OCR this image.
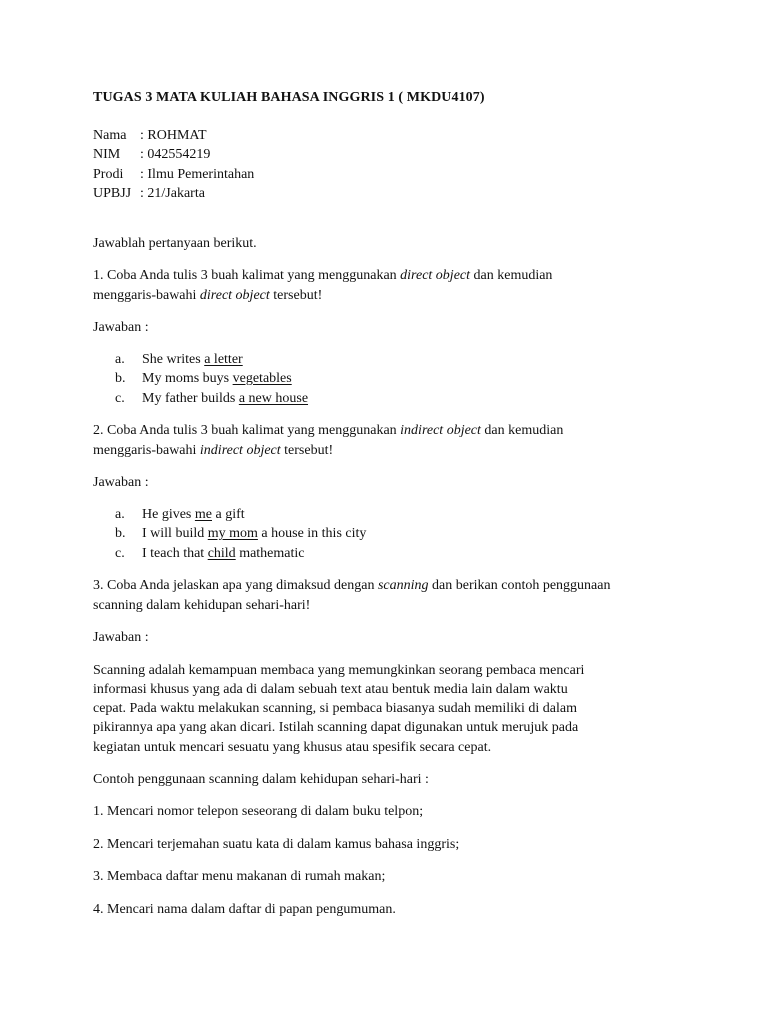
TUGAS 3 MATA KULIAH BAHASA INGGRIS 1 ( MKDU4107)

Nama : ROHMAT
NIM	: 042554219
Prodi	: Ilmu Pemerintahan
UPBJJ : 21/Jakarta

Jawablah pertanyaan berikut.

1. Coba Anda tulis 3 buah kalimat yang menggunakan direct object dan kemudian

menggaris-bawahi direct object tersebut!

Jawaban :

a.	She writes a letter
b.	My moms buys vegetables
c.	My father builds a new house

2. Coba Anda tulis 3 buah kalimat yang menggunakan indirect object dan kemudian

menggaris-bawahi indirect object tersebut!

Jawaban :

a.	He gives me a gift
b.	I will build my mom a house in this city
c.	I teach that child mathematic

3. Coba Anda jelaskan apa yang dimaksud dengan scanning dan berikan contoh penggunaan

scanning dalam kehidupan sehari-hari!

Jawaban :

Scanning adalah kemampuan membaca yang memungkinkan seorang pembaca mencari

informasi khusus yang ada di dalam sebuah text atau bentuk media lain dalam waktu

cepat. Pada waktu melakukan scanning, si pembaca biasanya sudah memiliki di dalam

pikirannya apa yang akan dicari. Istilah scanning dapat digunakan untuk merujuk pada

kegiatan untuk mencari sesuatu yang khusus atau spesifik secara cepat.

Contoh penggunaan scanning dalam kehidupan sehari-hari :

1. Mencari nomor telepon seseorang di dalam buku telpon;

2. Mencari terjemahan suatu kata di dalam kamus bahasa inggris;

3. Membaca daftar menu makanan di rumah makan;

4. Mencari nama dalam daftar di papan pengumuman.
